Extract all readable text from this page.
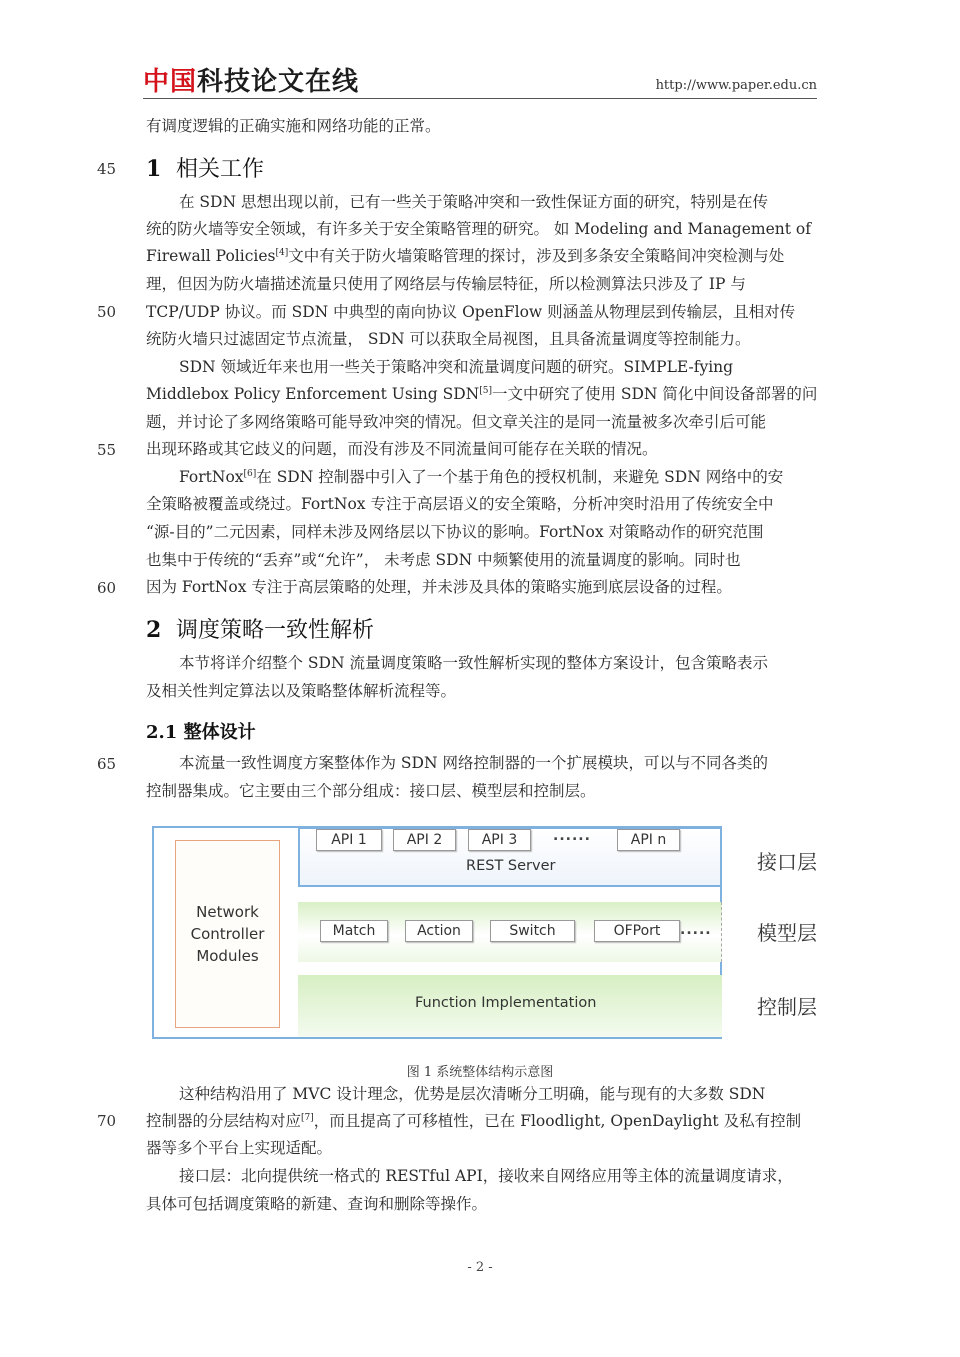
中国科技论文在线	http://www.paper.edu.cn
45
50
55
60
65
70
有调度逻辑的正确实施和网络功能的正常。
1 相关工作
在 SDN 思想出现以前，已有一些关于策略冲突和一致性保证方面的研究，特别是在传
统的防火墙等安全领域，有许多关于安全策略管理的研究。 如 Modeling and Management of
Firewall Policies[4]文中有关于防火墙策略管理的探讨，涉及到多条安全策略间冲突检测与处
理，但因为防火墙描述流量只使用了网络层与传输层特征，所以检测算法只涉及了 IP 与
TCP/UDP 协议。而 SDN 中典型的南向协议 OpenFlow 则涵盖从物理层到传输层，且相对传
统防火墙只过滤固定节点流量， SDN 可以获取全局视图，且具备流量调度等控制能力。
SDN 领域近年来也用一些关于策略冲突和流量调度问题的研究。SIMPLE-fying
Middlebox Policy Enforcement Using SDN[5]一文中研究了使用 SDN 简化中间设备部署的问
题，并讨论了多网络策略可能导致冲突的情况。但文章关注的是同一流量被多次牵引后可能
出现环路或其它歧义的问题，而没有涉及不同流量间可能存在关联的情况。
FortNox[6]在 SDN 控制器中引入了一个基于角色的授权机制，来避免 SDN 网络中的安
全策略被覆盖或绕过。FortNox 专注于高层语义的安全策略，分析冲突时沿用了传统安全中
“源-目的”二元因素，同样未涉及网络层以下协议的影响。FortNox 对策略动作的研究范围
也集中于传统的“丢弃”或“允许”， 未考虑 SDN 中频繁使用的流量调度的影响。同时也
因为 FortNox 专注于高层策略的处理，并未涉及具体的策略实施到底层设备的过程。
2 调度策略一致性解析
本节将详介绍整个 SDN 流量调度策略一致性解析实现的整体方案设计，包含策略表示
及相关性判定算法以及策略整体解析流程等。
2.1 整体设计
本流量一致性调度方案整体作为 SDN 网络控制器的一个扩展模块，可以与不同各类的
控制器集成。它主要由三个部分组成：接口层、模型层和控制层。
Network
Controller
Modules
API 1	API 2	API 3	......	API n
REST Server
Match	Action	Switch	OFPort	.....
Function Implementation
接口层
模型层
控制层
图 1 系统整体结构示意图
这种结构沿用了 MVC 设计理念，优势是层次清晰分工明确，能与现有的大多数 SDN
控制器的分层结构对应[7]，而且提高了可移植性，已在 Floodlight, OpenDaylight 及私有控制
器等多个平台上实现适配。
接口层：北向提供统一格式的 RESTful API，接收来自网络应用等主体的流量调度请求，
具体可包括调度策略的新建、查询和删除等操作。
- 2 -
